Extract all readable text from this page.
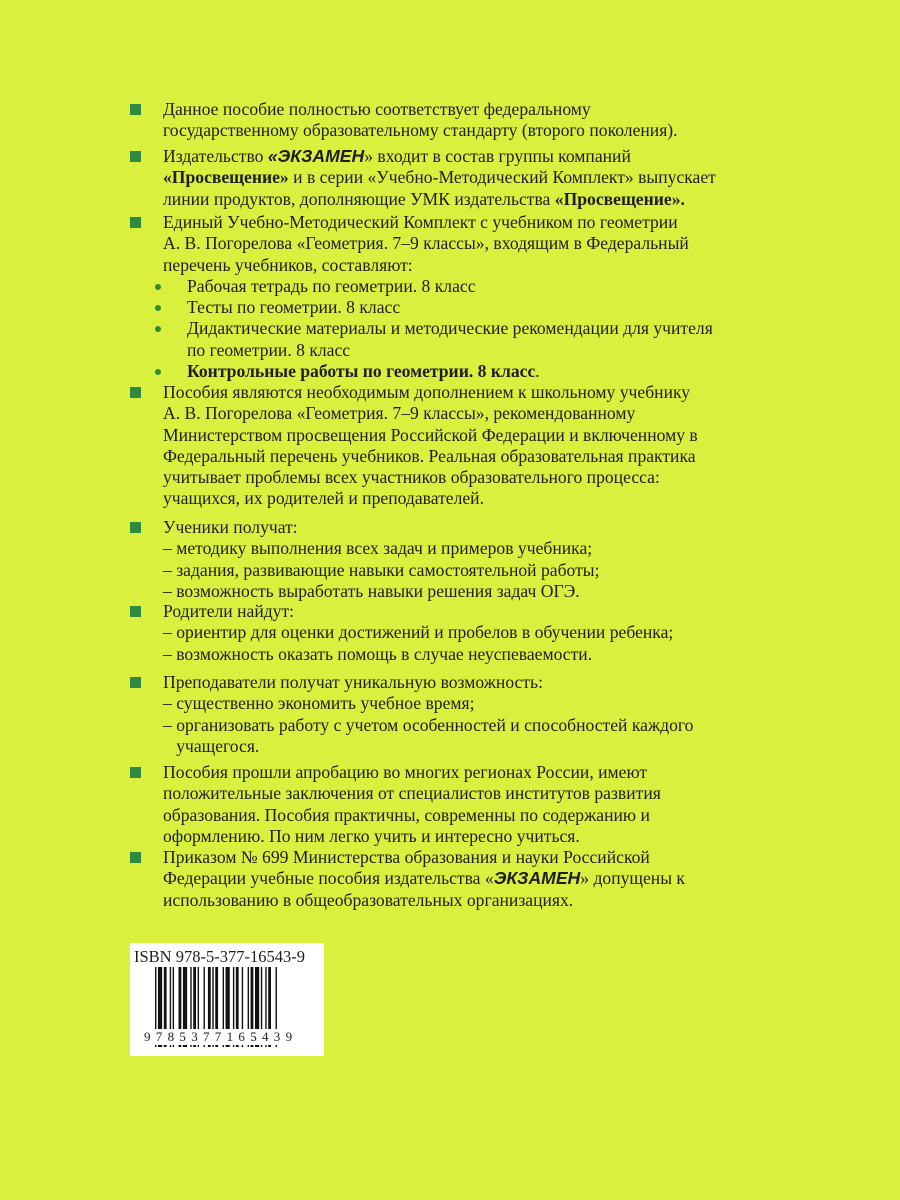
Данное пособие полностью соответствует федеральному
государственному образовательному стандарту (второго поколения).
Издательство «ЭКЗАМЕН» входит в состав группы компаний
«Просвещение» и в серии «Учебно-Методический Комплект» выпускает
линии продуктов, дополняющие УМК издательства «Просвещение».
Единый Учебно-Методический Комплект с учебником по геометрии
А. В. Погорелова «Геометрия. 7–9 классы», входящим в Федеральный
перечень учебников, составляют:
Рабочая тетрадь по геометрии. 8 класс
Тесты по геометрии. 8 класс
Дидактические материалы и методические рекомендации для учителя
по геометрии. 8 класс
Контрольные работы по геометрии. 8 класс.
Пособия являются необходимым дополнением к школьному учебнику
А. В. Погорелова «Геометрия. 7–9 классы», рекомендованному
Министерством просвещения Российской Федерации и включенному в
Федеральный перечень учебников. Реальная образовательная практика
учитывает проблемы всех участников образовательного процесса:
учащихся, их родителей и преподавателей.
Ученики получат:
– методику выполнения всех задач и примеров учебника;
– задания, развивающие навыки самостоятельной работы;
– возможность выработать навыки решения задач ОГЭ.
Родители найдут:
– ориентир для оценки достижений и пробелов в обучении ребенка;
– возможность оказать помощь в случае неуспеваемости.
Преподаватели получат уникальную возможность:
– существенно экономить учебное время;
– организовать работу с учетом особенностей и способностей каждого
учащегося.
Пособия прошли апробацию во многих регионах России, имеют
положительные заключения от специалистов институтов развития
образования. Пособия практичны, современны по содержанию и
оформлению. По ним легко учить и интересно учиться.
Приказом № 699 Министерства образования и науки Российской
Федерации учебные пособия издательства «ЭКЗАМЕН» допущены к
использованию в общеобразовательных организациях.
ISBN 978-5-377-16543-9
9785377165439
